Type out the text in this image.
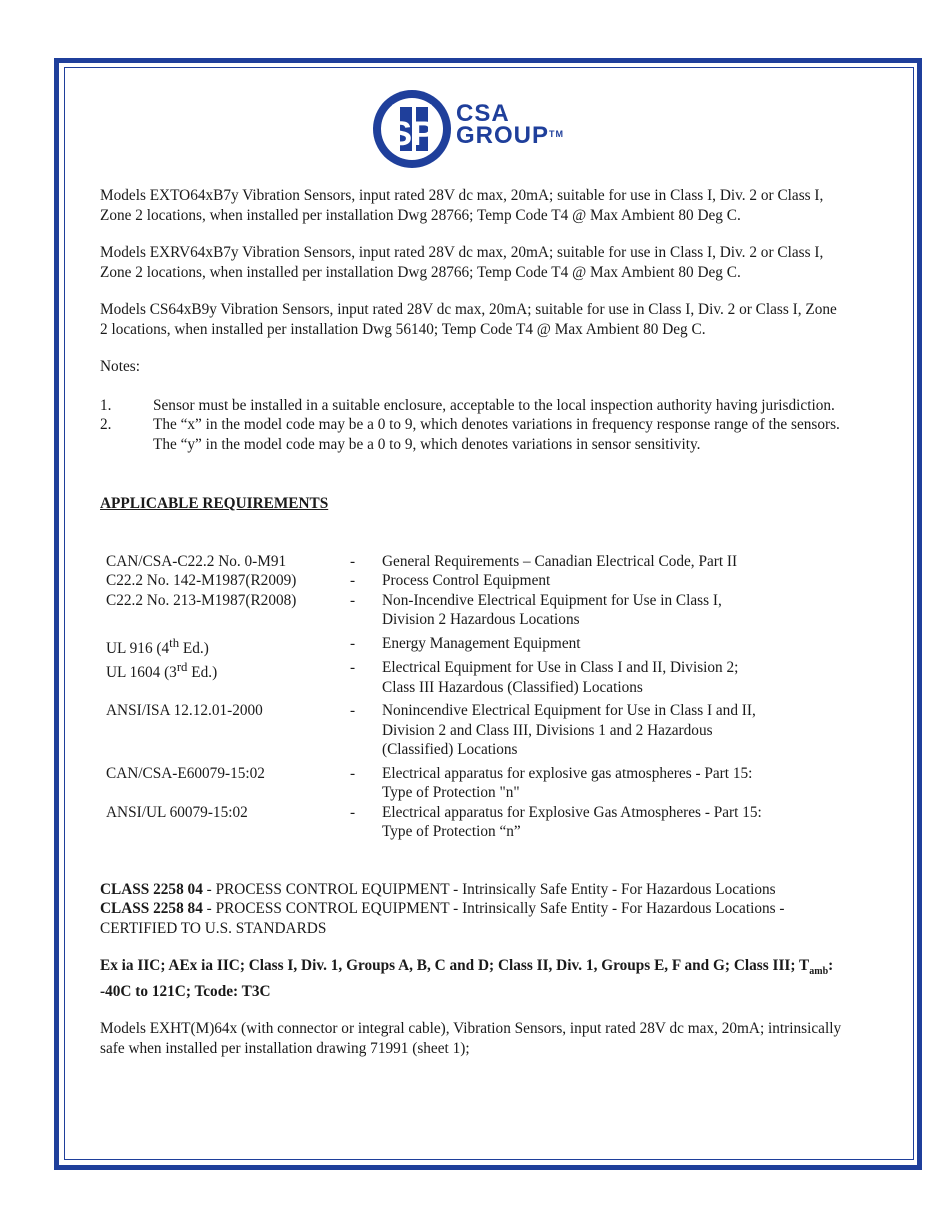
SP
CSA
GROUP™

Models EXTO64xB7y Vibration Sensors, input rated 28V dc max, 20mA; suitable for use in Class I, Div. 2 or Class I, Zone 2 locations, when installed per installation Dwg 28766; Temp Code T4 @ Max Ambient 80 Deg C.

Models EXRV64xB7y Vibration Sensors, input rated 28V dc max, 20mA; suitable for use in Class I, Div. 2 or Class I, Zone 2 locations, when installed per installation Dwg 28766; Temp Code T4 @ Max Ambient 80 Deg C.

Models CS64xB9y Vibration Sensors, input rated 28V dc max, 20mA; suitable for use in Class I, Div. 2 or Class I, Zone 2 locations, when installed per installation Dwg 56140; Temp Code T4 @ Max Ambient 80 Deg C.

Notes:

1.	Sensor must be installed in a suitable enclosure, acceptable to the local inspection authority having jurisdiction.
2.	The “x” in the model code may be a 0 to 9, which denotes variations in frequency response range of the sensors. The “y” in the model code may be a 0 to 9, which denotes variations in sensor sensitivity.

APPLICABLE REQUIREMENTS

CAN/CSA-C22.2 No. 0-M91	-	General Requirements – Canadian Electrical Code, Part II
C22.2 No. 142-M1987(R2009)	-	Process Control Equipment
C22.2 No. 213-M1987(R2008)	-	Non-Incendive Electrical Equipment for Use in Class I, Division 2 Hazardous Locations
UL 916 (4th Ed.)	-	Energy Management Equipment
UL 1604 (3rd Ed.)	-	Electrical Equipment for Use in Class I and II, Division 2; Class III Hazardous (Classified) Locations
ANSI/ISA 12.12.01-2000	-	Nonincendive Electrical Equipment for Use in Class I and II, Division 2 and Class III, Divisions 1 and 2 Hazardous (Classified) Locations
CAN/CSA-E60079-15:02	-	Electrical apparatus for explosive gas atmospheres - Part 15: Type of Protection "n"
ANSI/UL 60079-15:02	-	Electrical apparatus for Explosive Gas Atmospheres - Part 15: Type of Protection “n”

CLASS 2258 04 - PROCESS CONTROL EQUIPMENT - Intrinsically Safe Entity - For Hazardous Locations

CLASS 2258 84 - PROCESS CONTROL EQUIPMENT - Intrinsically Safe Entity - For Hazardous Locations - CERTIFIED TO U.S. STANDARDS

Ex ia IIC; AEx ia IIC; Class I, Div. 1, Groups A, B, C and D; Class II, Div. 1, Groups E, F and G; Class III; $T_{amb}$: -40C to 121C; Tcode: T3C

Models EXHT(M)64x (with connector or integral cable), Vibration Sensors, input rated 28V dc max, 20mA; intrinsically safe when installed per installation drawing 71991 (sheet 1);
